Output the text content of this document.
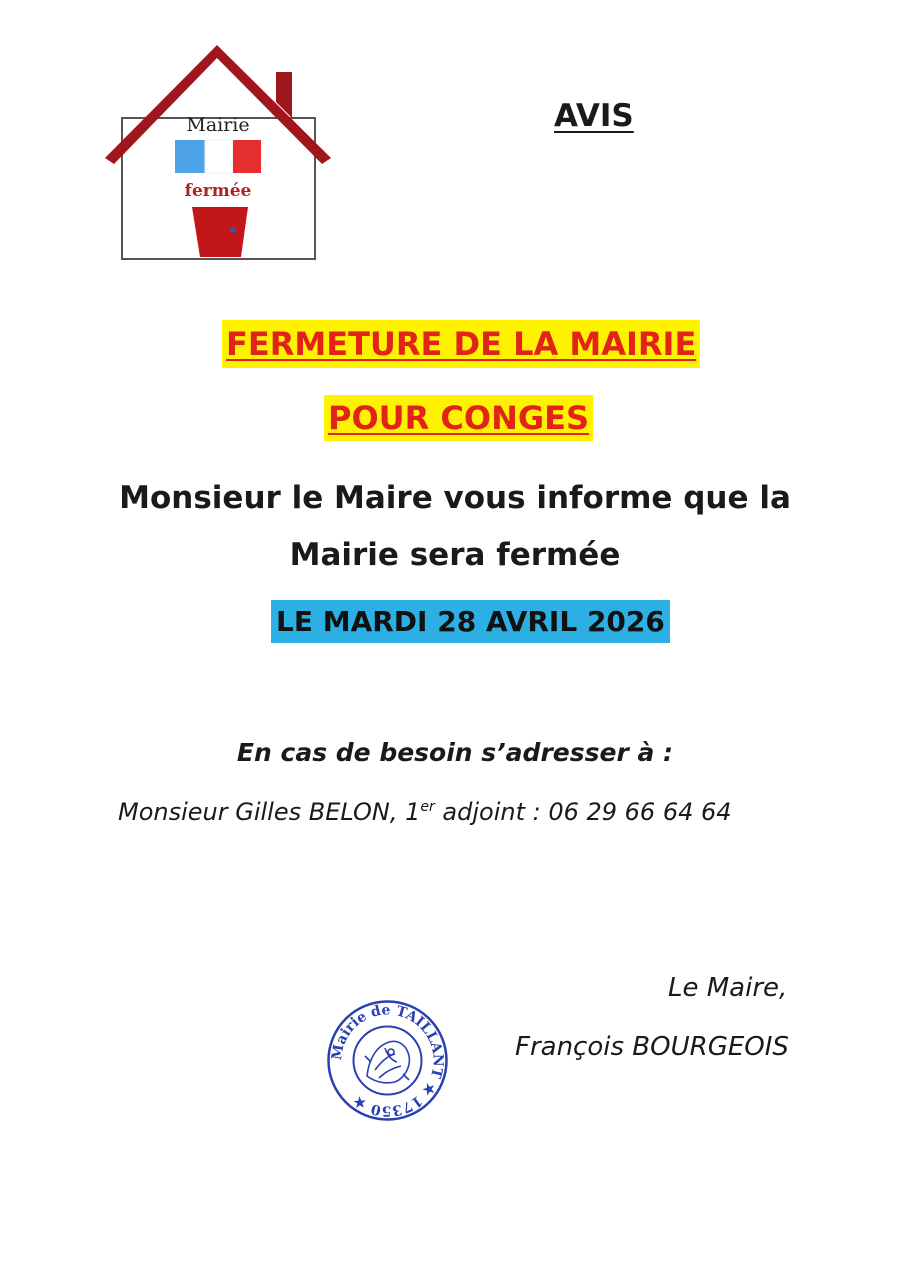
Mairie
fermée
AVIS
FERMETURE DE LA MAIRIE
POUR CONGES
Monsieur le Maire vous informe que la
Mairie sera fermée
LE MARDI 28 AVRIL 2026
En cas de besoin s’adresser à :
Monsieur Gilles BELON, 1er adjoint : 06 29 66 64 64
Le Maire,
François BOURGEOIS
Mairie de TAILLANT ★ 17350 ★
